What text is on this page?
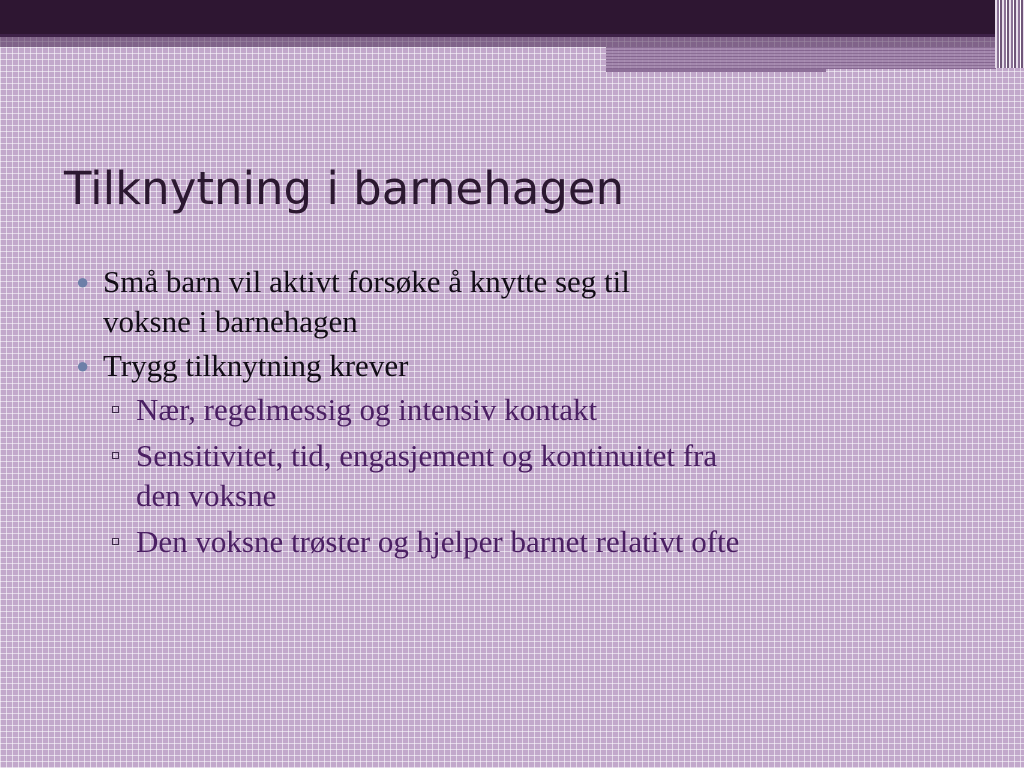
Tilknytning i barnehagen
● Små barn vil aktivt forsøke å knytte seg til
voksne i barnehagen
● Trygg tilknytning krever
Nær, regelmessig og intensiv kontakt
Sensitivitet, tid, engasjement og kontinuitet fra
den voksne
Den voksne trøster og hjelper barnet relativt ofte
